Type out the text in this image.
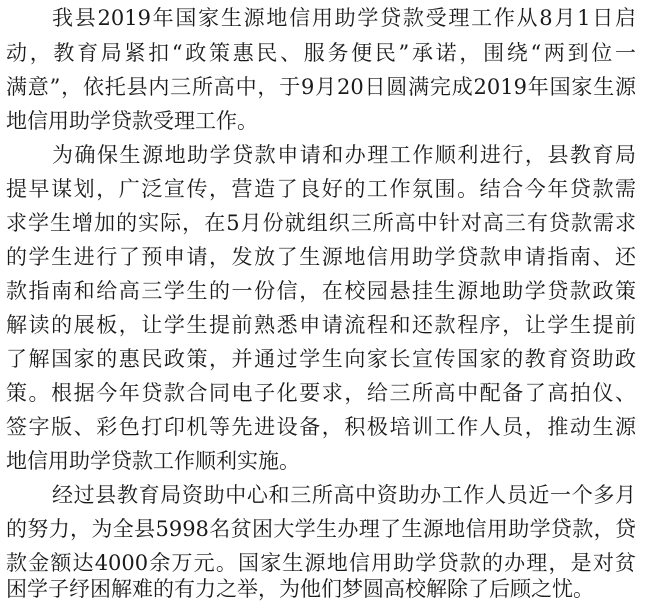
我县2019年国家生源地信用助学贷款受理工作从8月1日启
动，教育局紧扣“政策惠民、服务便民”承诺，围绕“两到位一
满意”，依托县内三所高中，于9月20日圆满完成2019年国家生源
地信用助学贷款受理工作。
为确保生源地助学贷款申请和办理工作顺利进行，县教育局
提早谋划，广泛宣传，营造了良好的工作氛围。结合今年贷款需
求学生增加的实际，在5月份就组织三所高中针对高三有贷款需求
的学生进行了预申请，发放了生源地信用助学贷款申请指南、还
款指南和给高三学生的一份信，在校园悬挂生源地助学贷款政策
解读的展板，让学生提前熟悉申请流程和还款程序，让学生提前
了解国家的惠民政策，并通过学生向家长宣传国家的教育资助政
策。根据今年贷款合同电子化要求，给三所高中配备了高拍仪、
签字版、彩色打印机等先进设备，积极培训工作人员，推动生源
地信用助学贷款工作顺利实施。
经过县教育局资助中心和三所高中资助办工作人员近一个多月
的努力，为全县5998名贫困大学生办理了生源地信用助学贷款，贷
款金额达4000余万元。国家生源地信用助学贷款的办理，是对贫
困学子纾困解难的有力之举，为他们梦圆高校解除了后顾之忧。
